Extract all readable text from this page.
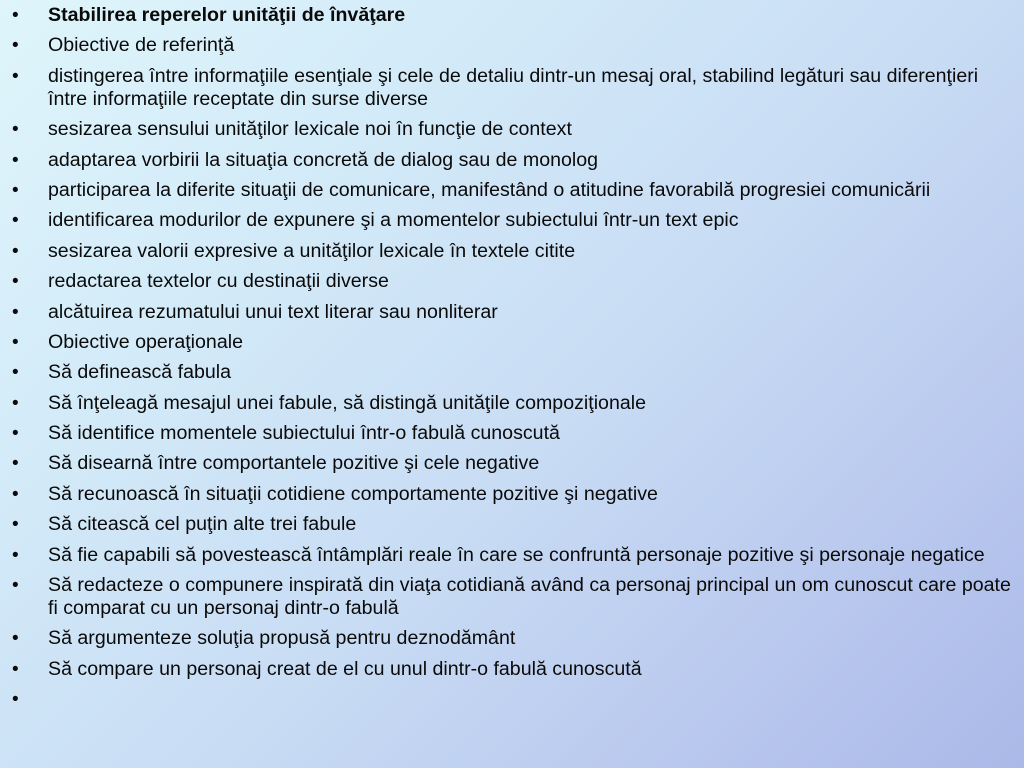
•	Stabilirea reperelor unităţii de învăţare
•	Obiective de referinţă
•	distingerea între informaţiile esenţiale şi cele de detaliu dintr-un mesaj oral, stabilind legături sau diferenţieri între informaţiile receptate din surse diverse
•	sesizarea sensului unităţilor lexicale noi în funcţie de context
•	adaptarea vorbirii la situaţia concretă de dialog sau de monolog
•	participarea la diferite situaţii de comunicare, manifestând o atitudine favorabilă progresiei comunicării
•	identificarea modurilor de expunere şi a momentelor subiectului într-un text epic
•	sesizarea valorii expresive a unităţilor lexicale în textele citite
•	redactarea textelor cu destinaţii diverse
•	alcătuirea rezumatului unui text literar sau nonliterar
•	Obiective operaţionale
•	Să definească fabula
•	Să înţeleagă mesajul unei fabule, să distingă unităţile compoziţionale
•	Să identifice momentele subiectului într-o fabulă cunoscută
•	Să disearnă între comportantele pozitive şi cele negative
•	Să recunoască în situaţii cotidiene comportamente pozitive şi negative
•	Să citească cel puţin alte trei fabule
•	Să fie capabili să povestească întâmplări reale în care se confruntă personaje pozitive şi personaje negatice
•	Să redacteze o compunere inspirată din viaţa cotidiană având ca personaj principal un om cunoscut care poate fi comparat cu un personaj dintr-o fabulă
•	Să argumenteze soluţia propusă pentru deznodământ
•	Să compare un personaj creat de el cu unul dintr-o fabulă cunoscută
•
